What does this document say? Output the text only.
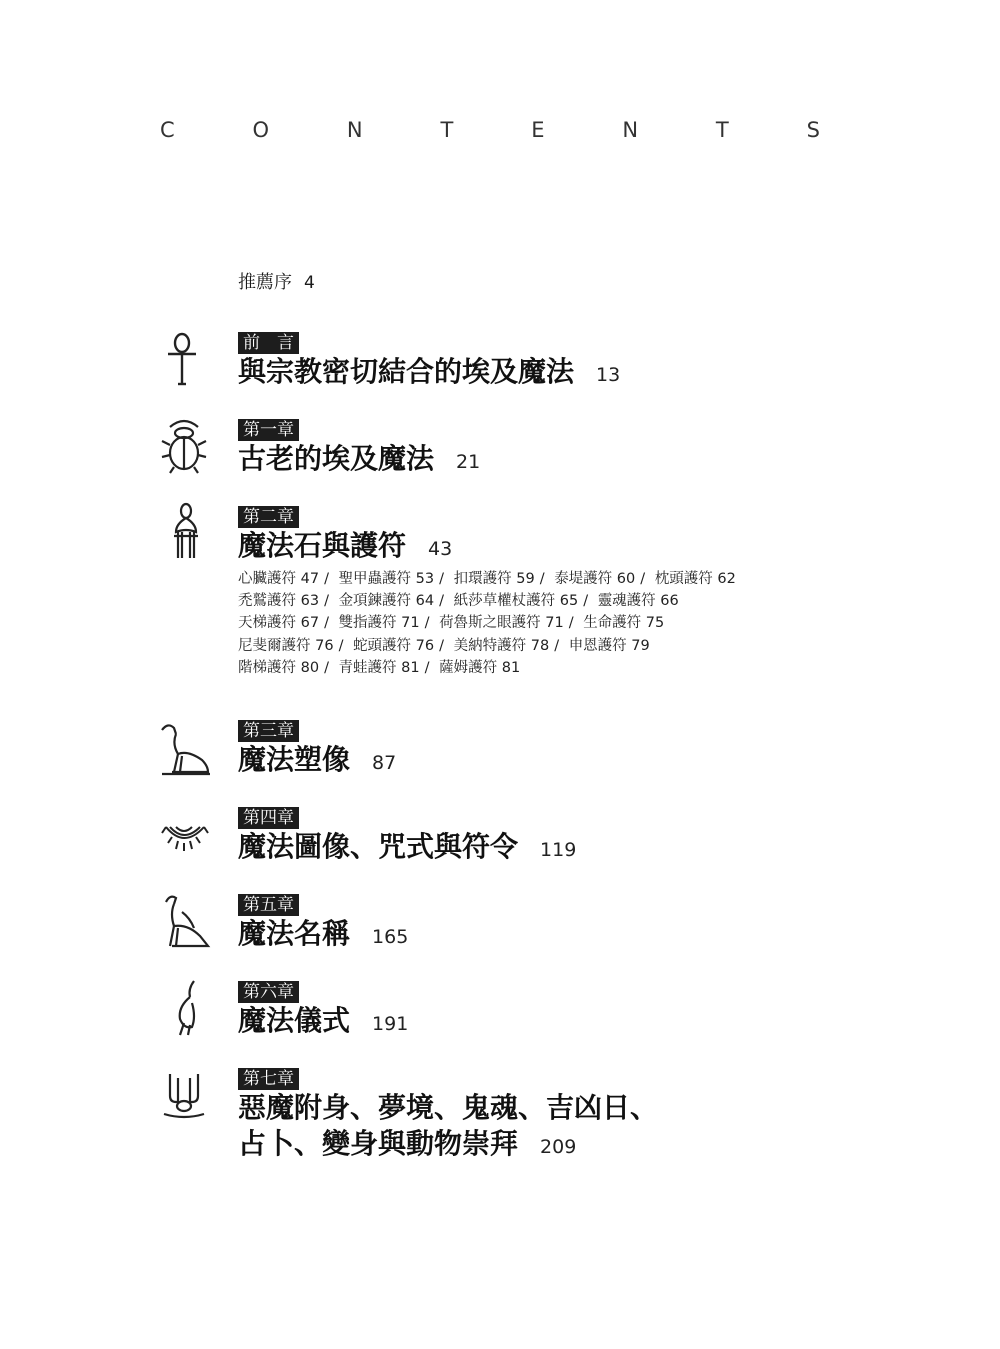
C	O	N	T	E	N	T	S
推薦序 4
前　言
與宗教密切結合的埃及魔法 13
第一章
古老的埃及魔法 21
第二章
魔法石與護符 43
心臟護符 47 / 聖甲蟲護符 53 / 扣環護符 59 / 泰堤護符 60 / 枕頭護符 62
禿鷲護符 63 / 金項鍊護符 64 / 紙莎草權杖護符 65 / 靈魂護符 66
天梯護符 67 / 雙指護符 71 / 荷魯斯之眼護符 71 / 生命護符 75
尼斐爾護符 76 / 蛇頭護符 76 / 美納特護符 78 / 申恩護符 79
階梯護符 80 / 青蛙護符 81 / 薩姆護符 81
第三章
魔法塑像 87
第四章
魔法圖像、咒式與符令 119
第五章
魔法名稱 165
第六章
魔法儀式 191
第七章
惡魔附身、夢境、鬼魂、吉凶日、
占卜、變身與動物崇拜 209
